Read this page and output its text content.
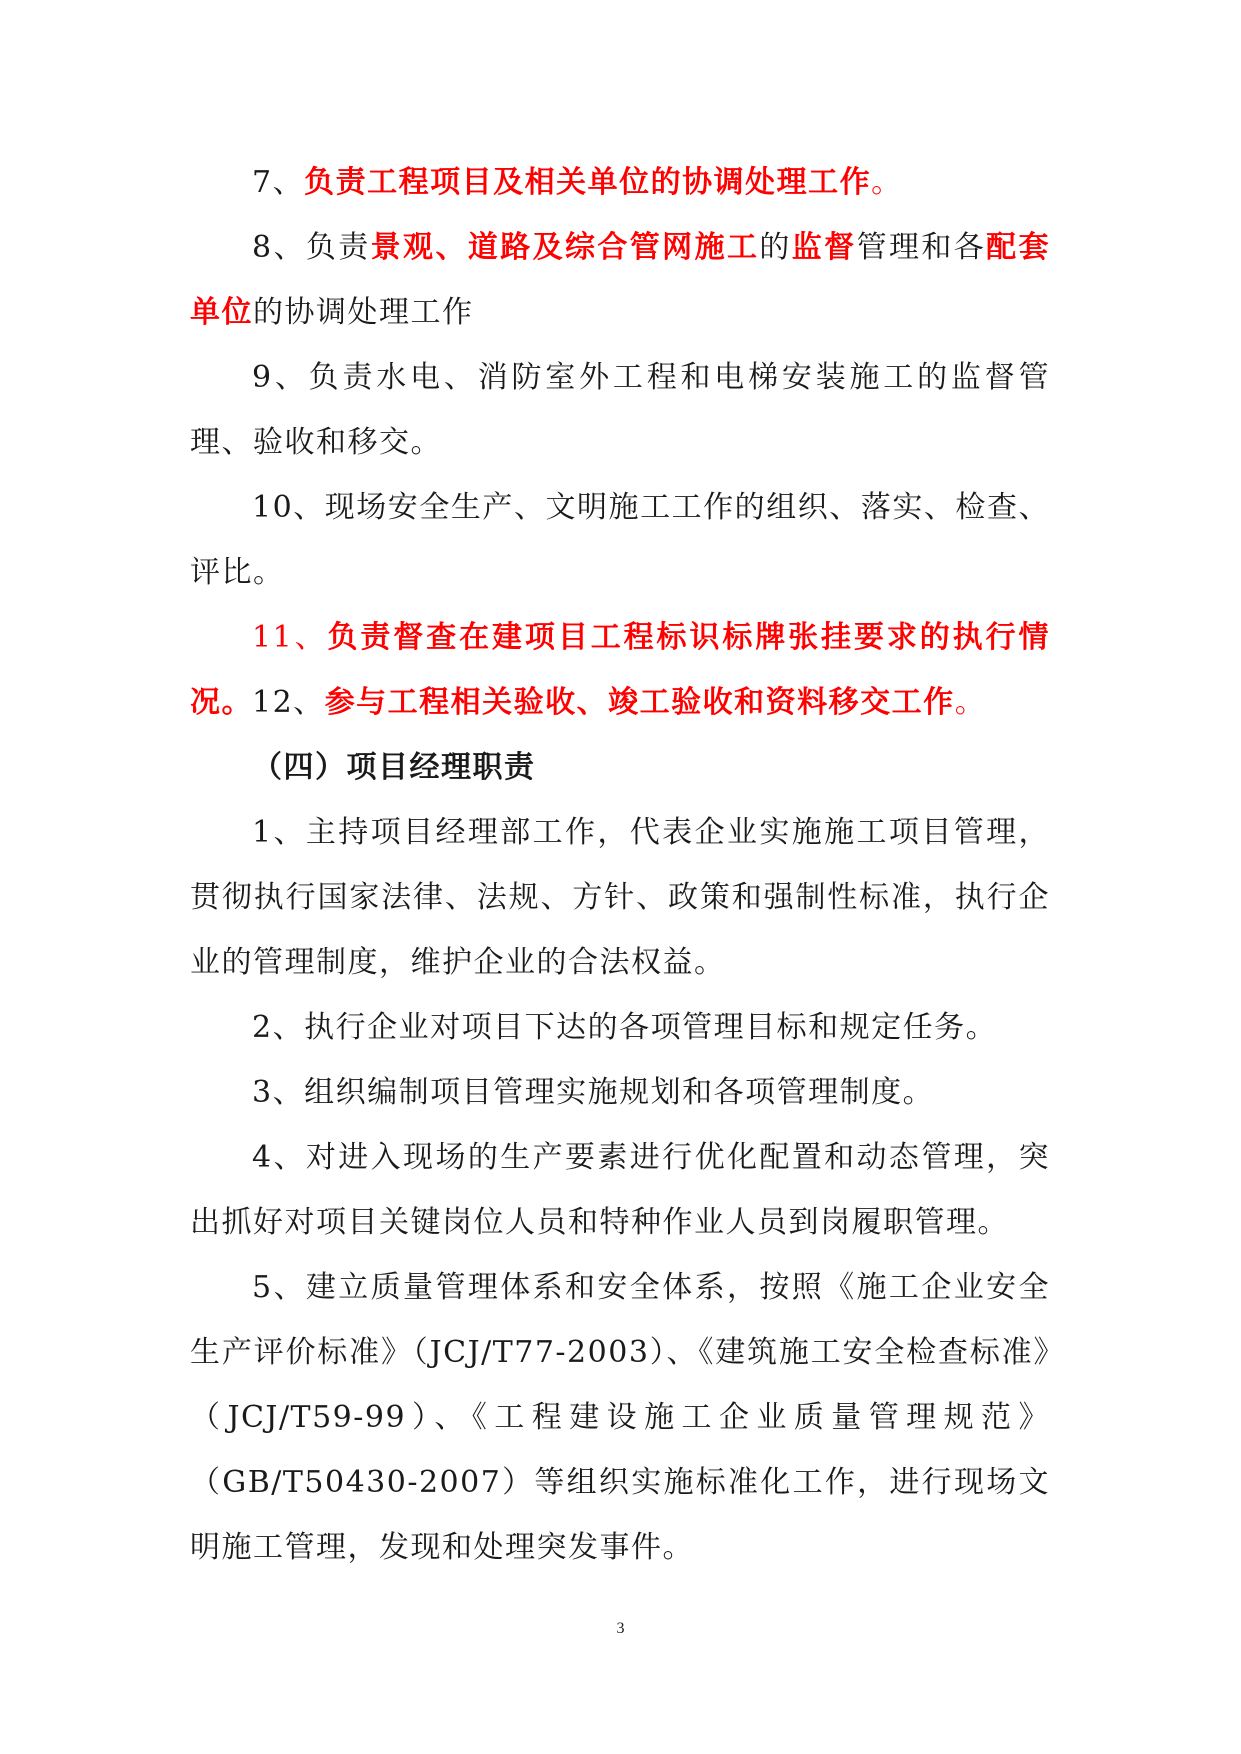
7、负责工程项目及相关单位的协调处理工作。

8、负责景观、道路及综合管网施工的监督管理和各配套单位的协调处理工作

9、负责水电、消防室外工程和电梯安装施工的监督管理、验收和移交。

10、现场安全生产、文明施工工作的组织、落实、检查、评比。

11、负责督查在建项目工程标识标牌张挂要求的执行情况。 12、参与工程相关验收、竣工验收和资料移交工作。

（四）项目经理职责

1、主持项目经理部工作，代表企业实施施工项目管理，贯彻执行国家法律、法规、方针、政策和强制性标准，执行企业的管理制度，维护企业的合法权益。

2、执行企业对项目下达的各项管理目标和规定任务。

3、组织编制项目管理实施规划和各项管理制度。

4、对进入现场的生产要素进行优化配置和动态管理，突出抓好对项目关键岗位人员和特种作业人员到岗履职管理。

5、建立质量管理体系和安全体系，按照《施工企业安全生产评价标准》（JCJ/T77-2003）、《建筑施工安全检查标准》（JCJ/T59-99）、《工程建设施工企业质量管理规范》（GB/T50430-2007）等组织实施标准化工作，进行现场文明施工管理，发现和处理突发事件。

3
